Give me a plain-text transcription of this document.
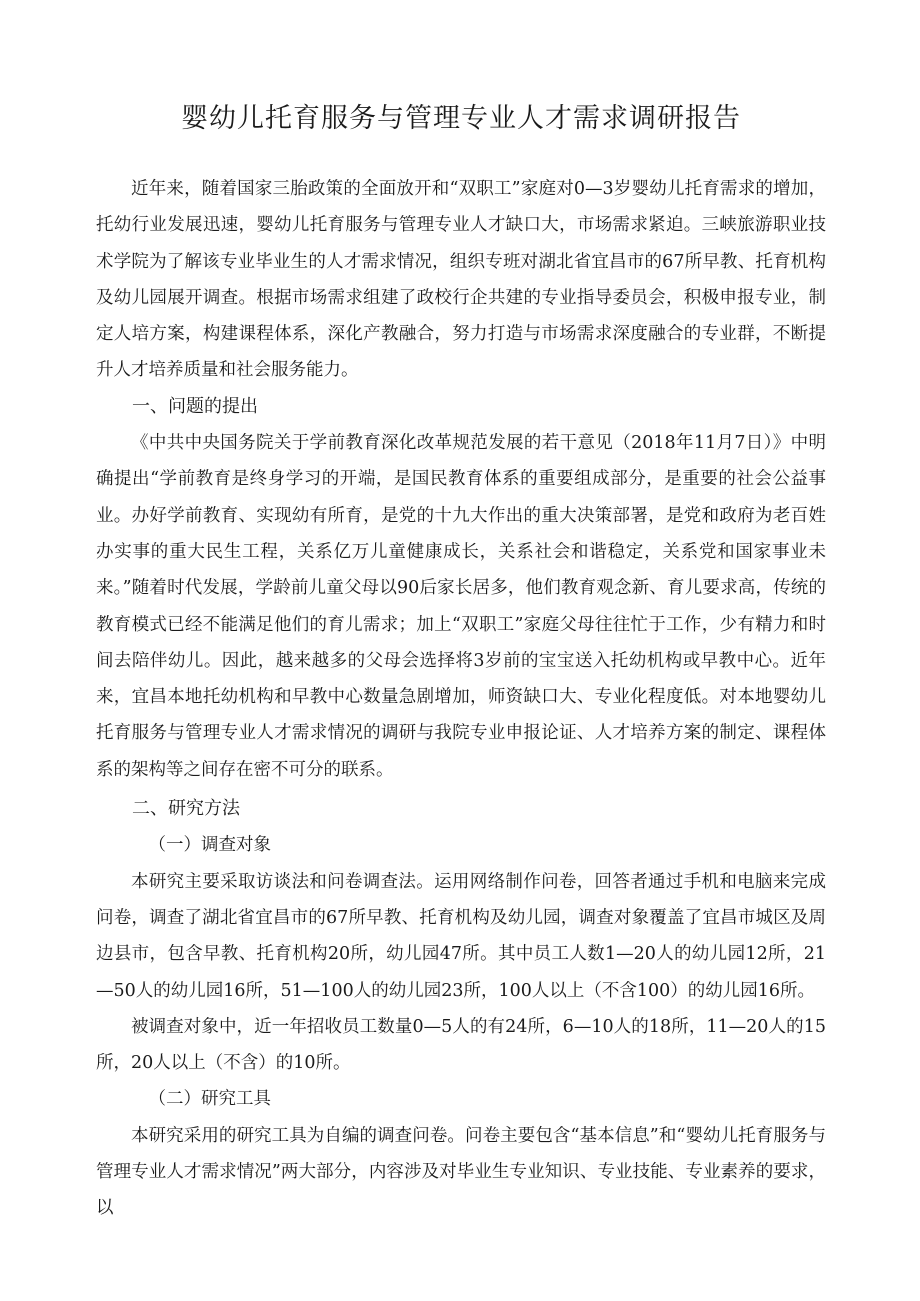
婴幼儿托育服务与管理专业人才需求调研报告

近年来，随着国家三胎政策的全面放开和“双职工”家庭对0—3岁婴幼儿托育需求的增加，托幼行业发展迅速，婴幼儿托育服务与管理专业人才缺口大，市场需求紧迫。三峡旅游职业技术学院为了解该专业毕业生的人才需求情况，组织专班对湖北省宜昌市的67所早教、托育机构及幼儿园展开调查。根据市场需求组建了政校行企共建的专业指导委员会，积极申报专业，制定人培方案，构建课程体系，深化产教融合，努力打造与市场需求深度融合的专业群，不断提升人才培养质量和社会服务能力。

一、问题的提出

《中共中央国务院关于学前教育深化改革规范发展的若干意见（2018年11月7日）》中明确提出“学前教育是终身学习的开端，是国民教育体系的重要组成部分，是重要的社会公益事业。办好学前教育、实现幼有所育，是党的十九大作出的重大决策部署，是党和政府为老百姓办实事的重大民生工程，关系亿万儿童健康成长，关系社会和谐稳定，关系党和国家事业未来。”随着时代发展，学龄前儿童父母以90后家长居多，他们教育观念新、育儿要求高，传统的教育模式已经不能满足他们的育儿需求；加上“双职工”家庭父母往往忙于工作，少有精力和时间去陪伴幼儿。因此，越来越多的父母会选择将3岁前的宝宝送入托幼机构或早教中心。近年来，宜昌本地托幼机构和早教中心数量急剧增加，师资缺口大、专业化程度低。对本地婴幼儿托育服务与管理专业人才需求情况的调研与我院专业申报论证、人才培养方案的制定、课程体系的架构等之间存在密不可分的联系。

二、研究方法

（一）调查对象

本研究主要采取访谈法和问卷调查法。运用网络制作问卷，回答者通过手机和电脑来完成问卷，调查了湖北省宜昌市的67所早教、托育机构及幼儿园，调查对象覆盖了宜昌市城区及周边县市，包含早教、托育机构20所，幼儿园47所。其中员工人数1—20人的幼儿园12所，21—50人的幼儿园16所，51—100人的幼儿园23所，100人以上（不含100）的幼儿园16所。

被调查对象中，近一年招收员工数量0—5人的有24所，6—10人的18所，11—20人的15所，20人以上（不含）的10所。

（二）研究工具

本研究采用的研究工具为自编的调查问卷。问卷主要包含“基本信息”和“婴幼儿托育服务与管理专业人才需求情况”两大部分，内容涉及对毕业生专业知识、专业技能、专业素养的要求，以
